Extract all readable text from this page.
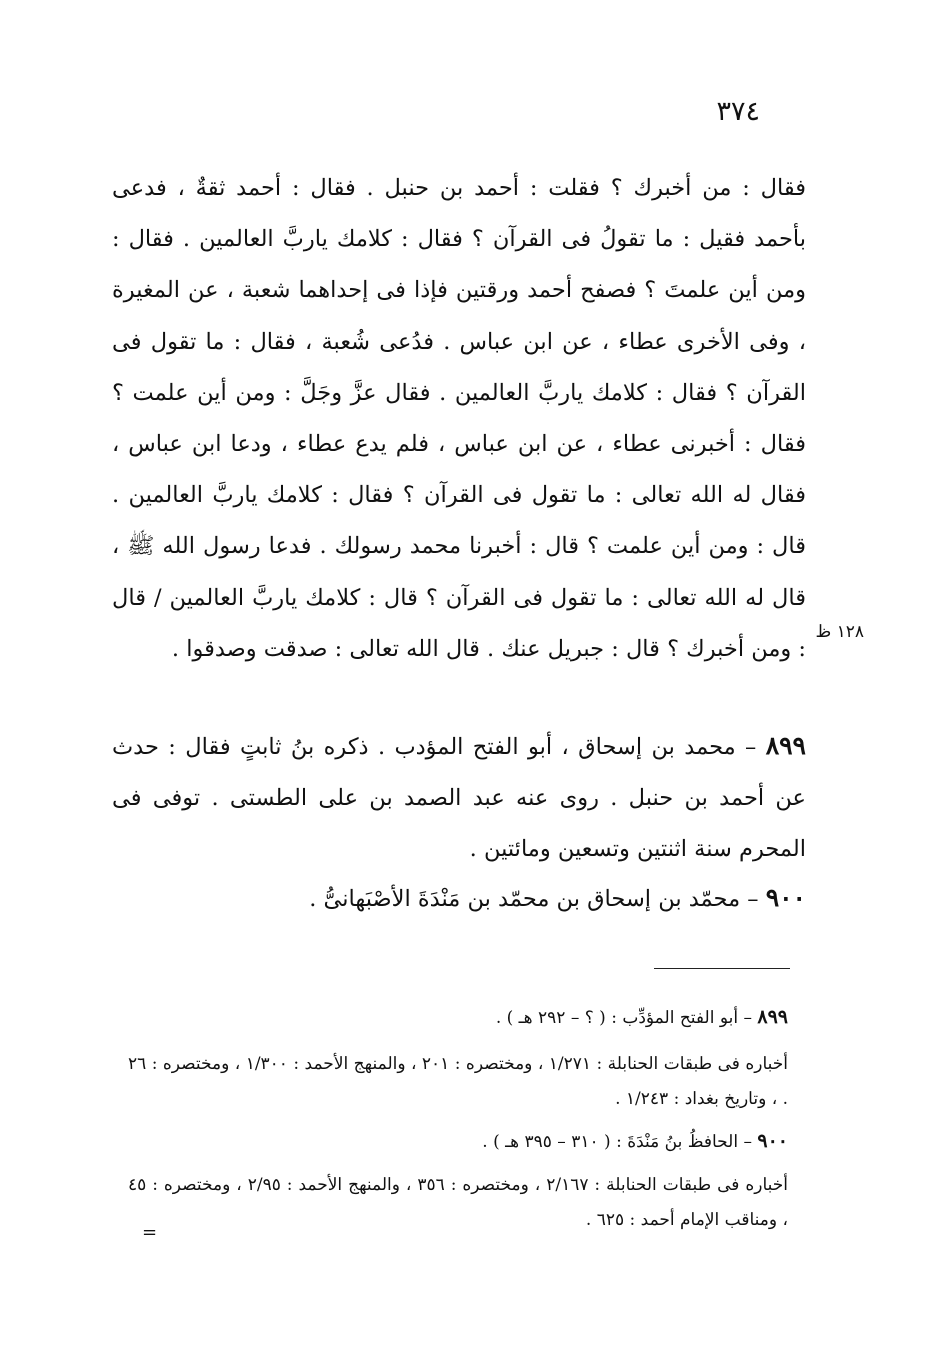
٣٧٤
١٢٨ ظ

فقال : من أخبرك ؟ فقلت : أحمد بن حنبل . فقال : أحمد ثقةٌ ، فدعى بأحمد فقيل : ما تقولُ فى القرآن ؟ فقال : كلامك ياربَّ العالمين . فقال : ومن أين علمتَ ؟ فصفح أحمد ورقتين فإذا فى إحداهما شعبة ، عن المغيرة ، وفى الأخرى عطاء ، عن ابن عباس . فدُعى شُعبة ، فقال : ما تقول فى القرآن ؟ فقال : كلامك ياربَّ العالمين . فقال عزَّ وجَلَّ : ومن أين علمت ؟ فقال : أخبرنى عطاء ، عن ابن عباس ، فلم يدع عطاء ، ودعا ابن عباس ، فقال له الله تعالى : ما تقول فى القرآن ؟ فقال : كلامك ياربَّ العالمين . قال : ومن أين علمت ؟ قال : أخبرنا محمد رسولك . فدعا رسول الله ﷺ ، قال له الله تعالى : ما تقول فى القرآن ؟ قال : كلامك ياربَّ العالمين / قال : ومن أخبرك ؟ قال : جبريل عنك . قال الله تعالى : صدقت وصدقوا .

٨٩٩ – محمد بن إسحاق ، أبو الفتح المؤدب . ذكره بنُ ثابتٍ فقال : حدث عن أحمد بن حنبل . روى عنه عبد الصمد بن على الطستى . توفى فى المحرم سنة اثنتين وتسعين ومائتين .

٩٠٠ – محمّد بن إسحاق بن محمّد بن مَنْدَةَ الأصْبَهانىُّ .

٨٩٩ – أبو الفتح المؤدِّب : ( ؟ – ٢٩٢ هـ ) .

أخباره فى طبقات الحنابلة : ١/٢٧١ ، ومختصره : ٢٠١ ، والمنهج الأحمد : ١/٣٠٠ ، ومختصره : ٢٦ . ، وتاريخ بغداد : ١/٢٤٣ .

٩٠٠ – الحافظُ بنُ مَنْدَةَ : ( ٣١٠ – ٣٩٥ هـ ) .

أخباره فى طبقات الحنابلة : ٢/١٦٧ ، ومختصره : ٣٥٦ ، والمنهج الأحمد : ٢/٩٥ ، ومختصره : ٤٥ ، ومناقب الإمام أحمد : ٦٢٥ .

=
